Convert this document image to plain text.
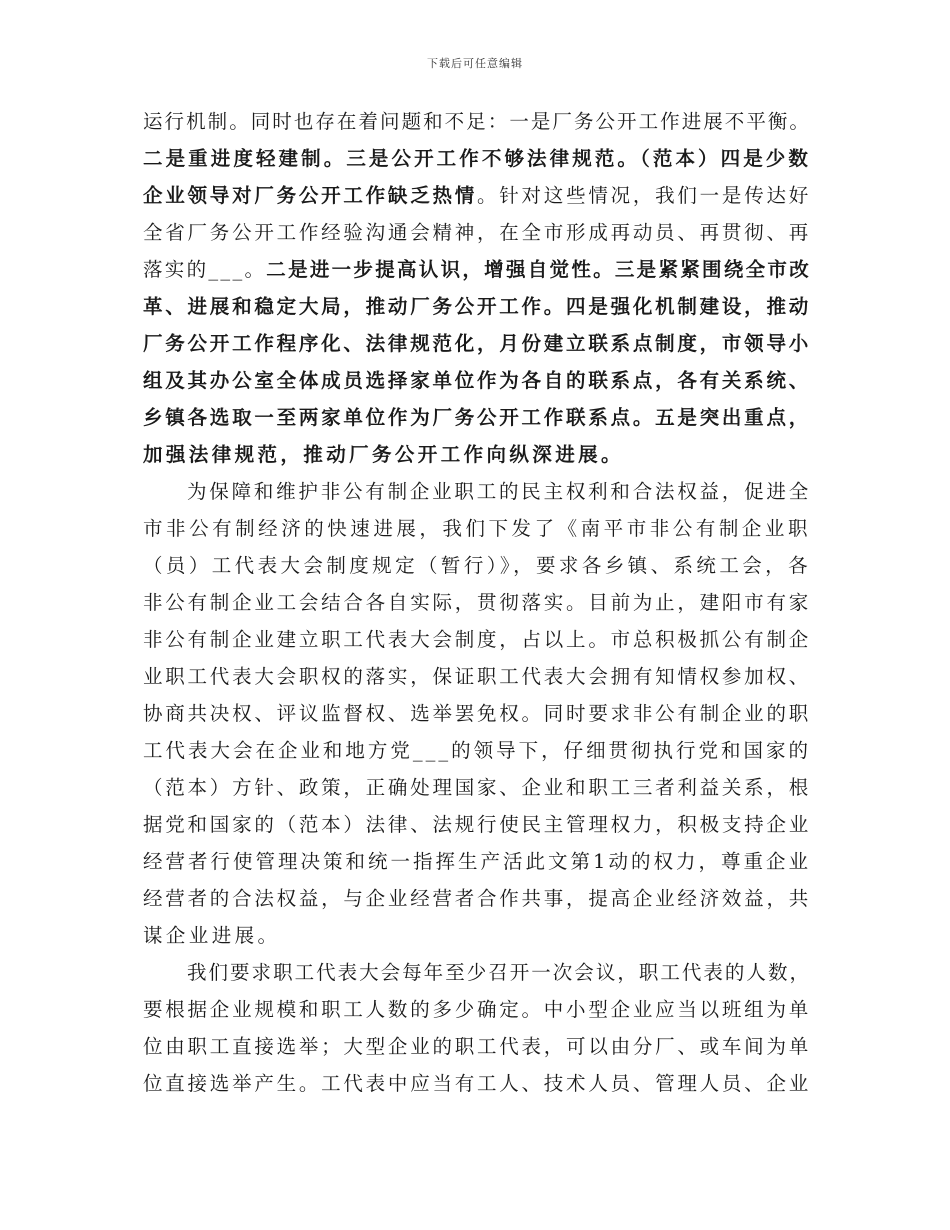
下载后可任意编辑
运行机制。同时也存在着问题和不足：一是厂务公开工作进展不平衡。
二是重进度轻建制。三是公开工作不够法律规范。（范本）四是少数
企业领导对厂务公开工作缺乏热情。针对这些情况，我们一是传达好
全省厂务公开工作经验沟通会精神，在全市形成再动员、再贯彻、再
落实的___。二是进一步提高认识，增强自觉性。三是紧紧围绕全市改
革、进展和稳定大局，推动厂务公开工作。四是强化机制建设，推动
厂务公开工作程序化、法律规范化，月份建立联系点制度，市领导小
组及其办公室全体成员选择家单位作为各自的联系点，各有关系统、
乡镇各选取一至两家单位作为厂务公开工作联系点。五是突出重点，
加强法律规范，推动厂务公开工作向纵深进展。
为保障和维护非公有制企业职工的民主权利和合法权益，促进全
市非公有制经济的快速进展，我们下发了《南平市非公有制企业职
（员）工代表大会制度规定（暂行）》，要求各乡镇、系统工会，各
非公有制企业工会结合各自实际，贯彻落实。目前为止，建阳市有家
非公有制企业建立职工代表大会制度，占以上。市总积极抓公有制企
业职工代表大会职权的落实，保证职工代表大会拥有知情权参加权、
协商共决权、评议监督权、选举罢免权。同时要求非公有制企业的职
工代表大会在企业和地方党___的领导下，仔细贯彻执行党和国家的
（范本）方针、政策，正确处理国家、企业和职工三者利益关系，根
据党和国家的（范本）法律、法规行使民主管理权力，积极支持企业
经营者行使管理决策和统一指挥生产活此文第1动的权力，尊重企业
经营者的合法权益，与企业经营者合作共事，提高企业经济效益，共
谋企业进展。
我们要求职工代表大会每年至少召开一次会议，职工代表的人数，
要根据企业规模和职工人数的多少确定。中小型企业应当以班组为单
位由职工直接选举；大型企业的职工代表，可以由分厂、或车间为单
位直接选举产生。工代表中应当有工人、技术人员、管理人员、企业
